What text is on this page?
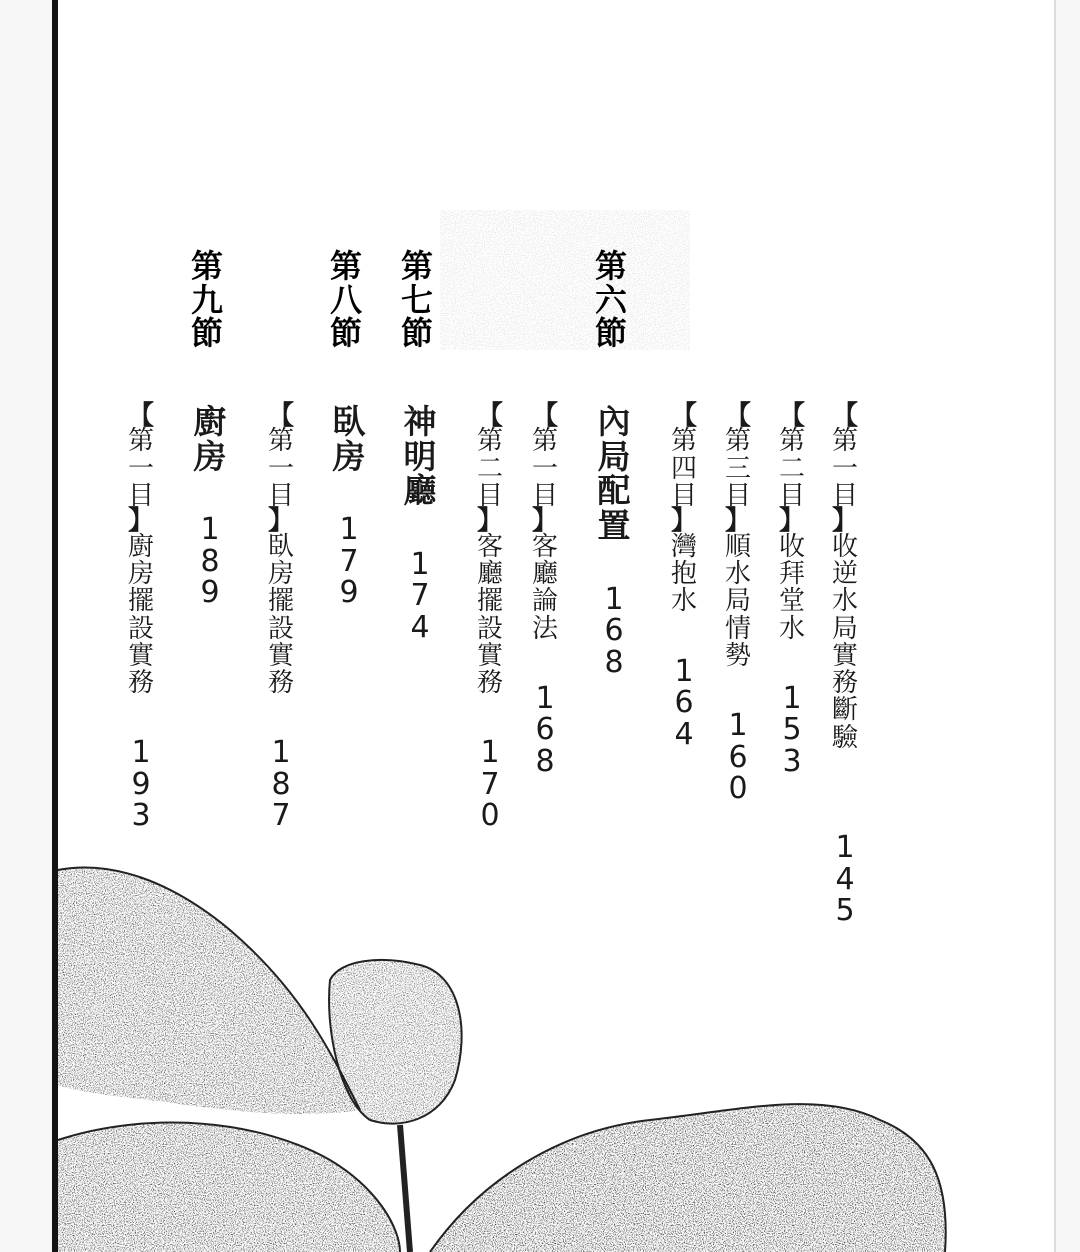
【
第
一
目
】
收
逆
水
局
實
務
斷
驗
1
4
5
【
第
二
目
】
收
拜
堂
水
1
5
3
【
第
三
目
】
順
水
局
情
勢
1
6
0
【
第
四
目
】
灣
抱
水
1
6
4
第
六
節
內
局
配
置
1
6
8
【
第
一
目
】
客
廳
論
法
1
6
8
【
第
二
目
】
客
廳
擺
設
實
務
1
7
0
第
七
節
神
明
廳
1
7
4
第
八
節
臥
房
1
7
9
【
第
一
目
】
臥
房
擺
設
實
務
1
8
7
第
九
節
廚
房
1
8
9
【
第
一
目
】
廚
房
擺
設
實
務
1
9
3
